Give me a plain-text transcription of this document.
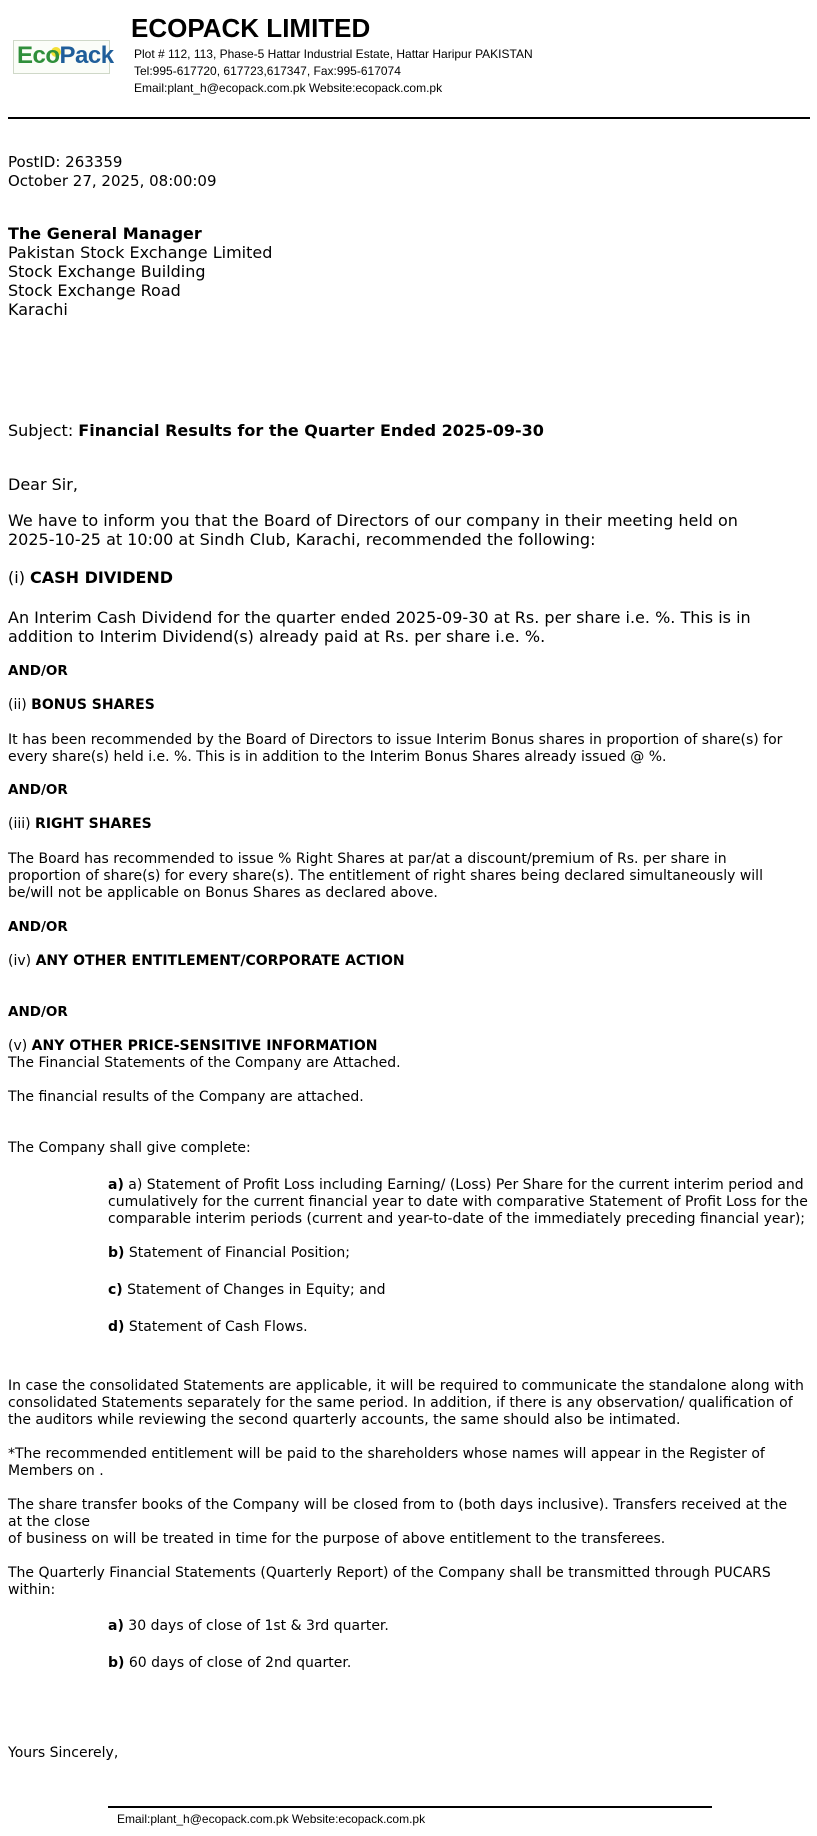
EcoPack
ECOPACK LIMITED
Plot # 112, 113, Phase-5 Hattar Industrial Estate, Hattar Haripur PAKISTAN
Tel:995-617720, 617723,617347, Fax:995-617074
Email:plant_h@ecopack.com.pk Website:ecopack.com.pk
PostID: 263359
October 27, 2025, 08:00:09
The General Manager
Pakistan Stock Exchange Limited
Stock Exchange Building
Stock Exchange Road
Karachi
Subject: Financial Results for the Quarter Ended 2025-09-30
Dear Sir,
We have to inform you that the Board of Directors of our company in their meeting held on
2025-10-25 at 10:00 at Sindh Club, Karachi, recommended the following:
(i) CASH DIVIDEND
An Interim Cash Dividend for the quarter ended 2025-09-30 at Rs. per share i.e. %. This is in
addition to Interim Dividend(s) already paid at Rs. per share i.e. %.
AND/OR
(ii) BONUS SHARES
It has been recommended by the Board of Directors to issue Interim Bonus shares in proportion of share(s) for
every share(s) held i.e. %. This is in addition to the Interim Bonus Shares already issued @ %.
AND/OR
(iii) RIGHT SHARES
The Board has recommended to issue % Right Shares at par/at a discount/premium of Rs. per share in
proportion of share(s) for every share(s). The entitlement of right shares being declared simultaneously will
be/will not be applicable on Bonus Shares as declared above.
AND/OR
(iv) ANY OTHER ENTITLEMENT/CORPORATE ACTION
AND/OR
(v) ANY OTHER PRICE-SENSITIVE INFORMATION
The Financial Statements of the Company are Attached.
The financial results of the Company are attached.
The Company shall give complete:
a) a) Statement of Profit Loss including Earning/ (Loss) Per Share for the current interim period and
cumulatively for the current financial year to date with comparative Statement of Profit Loss for the
comparable interim periods (current and year-to-date of the immediately preceding financial year);
b) Statement of Financial Position;
c) Statement of Changes in Equity; and
d) Statement of Cash Flows.
In case the consolidated Statements are applicable, it will be required to communicate the standalone along with
consolidated Statements separately for the same period. In addition, if there is any observation/ qualification of
the auditors while reviewing the second quarterly accounts, the same should also be intimated.
*The recommended entitlement will be paid to the shareholders whose names will appear in the Register of
Members on .
The share transfer books of the Company will be closed from to (both days inclusive). Transfers received at the
at the close
of business on will be treated in time for the purpose of above entitlement to the transferees.
The Quarterly Financial Statements (Quarterly Report) of the Company shall be transmitted through PUCARS
within:
a) 30 days of close of 1st & 3rd quarter.
b) 60 days of close of 2nd quarter.
Yours Sincerely,
Email:plant_h@ecopack.com.pk Website:ecopack.com.pk
